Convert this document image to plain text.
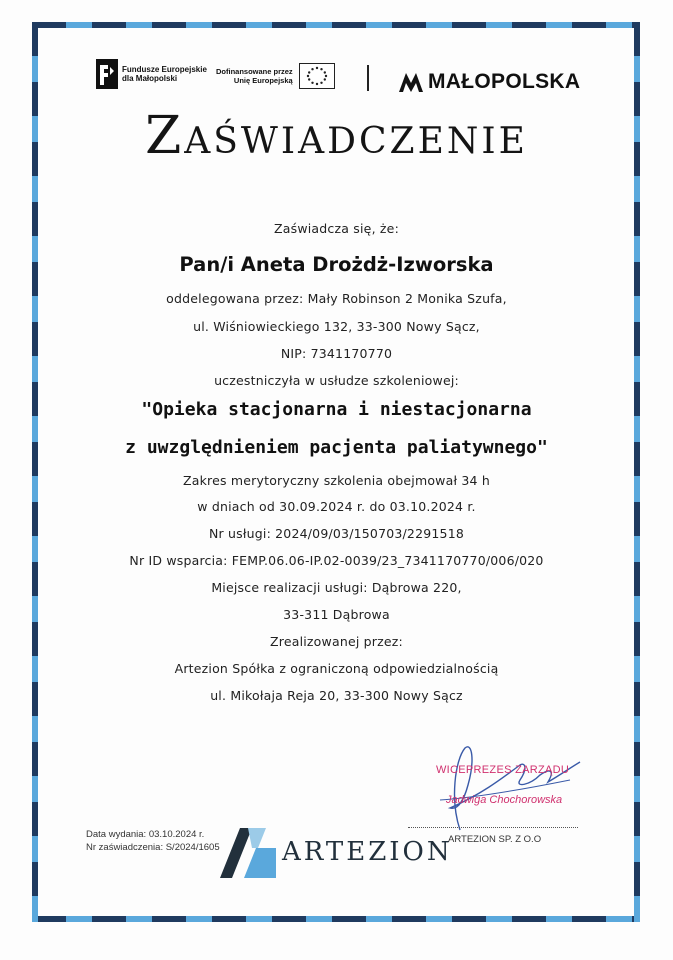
Fundusze Europejskie
dla Małopolski
Dofinansowane przez
Unię Europejską	MAŁOPOLSKA
Zaświadczenie
Zaświadcza się, że:
Pan/i Aneta Drożdż-Izworska
oddelegowana przez: Mały Robinson 2 Monika Szufa,
ul. Wiśniowieckiego 132, 33-300 Nowy Sącz,
NIP: 7341170770
uczestniczyła w usłudze szkoleniowej:
"Opieka stacjonarna i niestacjonarna
z uwzględnieniem pacjenta paliatywnego"
Zakres merytoryczny szkolenia obejmował 34 h
w dniach od 30.09.2024 r. do 03.10.2024 r.
Nr usługi: 2024/09/03/150703/2291518
Nr ID wsparcia: FEMP.06.06-IP.02-0039/23_7341170770/006/020
Miejsce realizacji usługi: Dąbrowa 220,
33-311 Dąbrowa
Zrealizowanej przez:
Artezion Spółka z ograniczoną odpowiedzialnością
ul. Mikołaja Reja 20, 33-300 Nowy Sącz
WICEPREZES ZARZĄDU
Jadwiga Chochorowska
ARTEZION SP. Z O.O
Data wydania: 03.10.2024 r.
Nr zaświadczenia: S/2024/1605 ARTEZION
